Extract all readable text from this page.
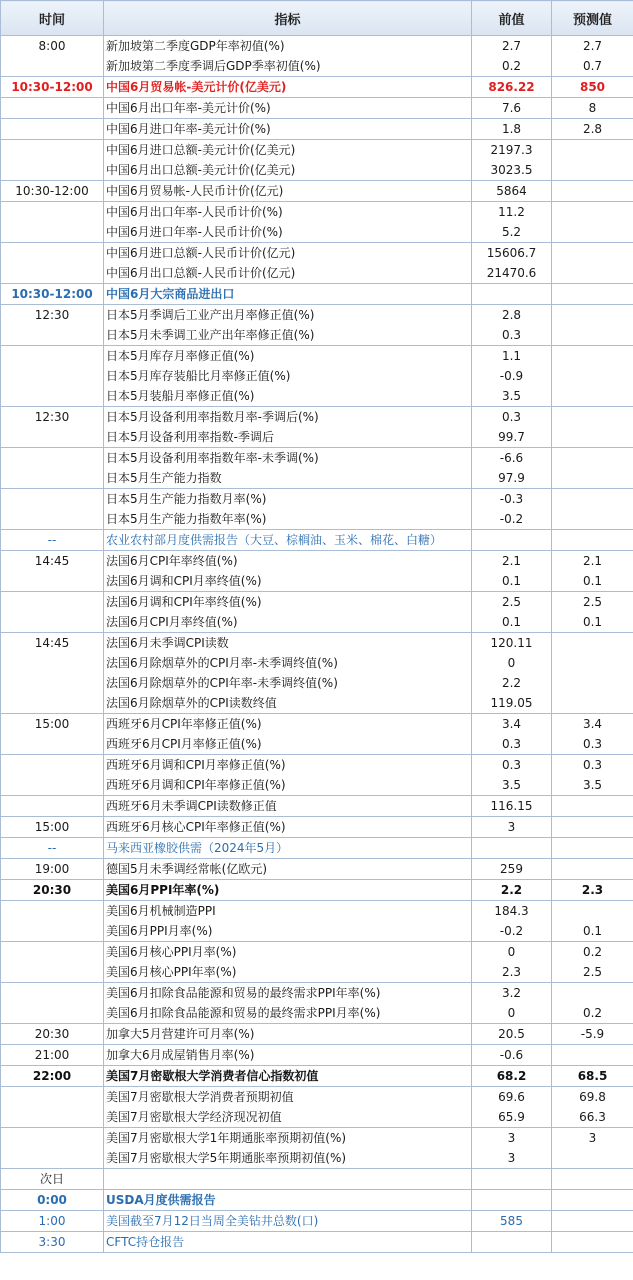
时间	指标	前值	预测值
8:00	新加坡第二季度GDP年率初值(%)	2.7	2.7
	新加坡第二季度季调后GDP季率初值(%)	0.2	0.7
10:30-12:00	中国6月贸易帐-美元计价(亿美元)	826.22	850
	中国6月出口年率-美元计价(%)	7.6	8
	中国6月进口年率-美元计价(%)	1.8	2.8
	中国6月进口总额-美元计价(亿美元)	2197.3	
	中国6月出口总额-美元计价(亿美元)	3023.5	
10:30-12:00	中国6月贸易帐-人民币计价(亿元)	5864	
	中国6月出口年率-人民币计价(%)	11.2	
	中国6月进口年率-人民币计价(%)	5.2	
	中国6月进口总额-人民币计价(亿元)	15606.7	
	中国6月出口总额-人民币计价(亿元)	21470.6	
10:30-12:00	中国6月大宗商品进出口		
12:30	日本5月季调后工业产出月率修正值(%)	2.8	
	日本5月未季调工业产出年率修正值(%)	0.3	
	日本5月库存月率修正值(%)	1.1	
	日本5月库存装船比月率修正值(%)	-0.9	
	日本5月装船月率修正值(%)	3.5	
12:30	日本5月设备利用率指数月率-季调后(%)	0.3	
	日本5月设备利用率指数-季调后	99.7	
	日本5月设备利用率指数年率-未季调(%)	-6.6	
	日本5月生产能力指数	97.9	
	日本5月生产能力指数月率(%)	-0.3	
	日本5月生产能力指数年率(%)	-0.2	
--	农业农村部月度供需报告（大豆、棕榈油、玉米、棉花、白糖）		
14:45	法国6月CPI年率终值(%)	2.1	2.1
	法国6月调和CPI月率终值(%)	0.1	0.1
	法国6月调和CPI年率终值(%)	2.5	2.5
	法国6月CPI月率终值(%)	0.1	0.1
14:45	法国6月未季调CPI读数	120.11	
	法国6月除烟草外的CPI月率-未季调终值(%)	0	
	法国6月除烟草外的CPI年率-未季调终值(%)	2.2	
	法国6月除烟草外的CPI读数终值	119.05	
15:00	西班牙6月CPI年率修正值(%)	3.4	3.4
	西班牙6月CPI月率修正值(%)	0.3	0.3
	西班牙6月调和CPI月率修正值(%)	0.3	0.3
	西班牙6月调和CPI年率修正值(%)	3.5	3.5
	西班牙6月未季调CPI读数修正值	116.15	
15:00	西班牙6月核心CPI年率修正值(%)	3	
--	马来西亚橡胶供需（2024年5月）		
19:00	德国5月未季调经常帐(亿欧元)	259	
20:30	美国6月PPI年率(%)	2.2	2.3
	美国6月机械制造PPI	184.3	
	美国6月PPI月率(%)	-0.2	0.1
	美国6月核心PPI月率(%)	0	0.2
	美国6月核心PPI年率(%)	2.3	2.5
	美国6月扣除食品能源和贸易的最终需求PPI年率(%)	3.2	
	美国6月扣除食品能源和贸易的最终需求PPI月率(%)	0	0.2
20:30	加拿大5月营建许可月率(%)	20.5	-5.9
21:00	加拿大6月成屋销售月率(%)	-0.6	
22:00	美国7月密歇根大学消费者信心指数初值	68.2	68.5
	美国7月密歇根大学消费者预期初值	69.6	69.8
	美国7月密歇根大学经济现况初值	65.9	66.3
	美国7月密歇根大学1年期通胀率预期初值(%)	3	3
	美国7月密歇根大学5年期通胀率预期初值(%)	3	
次日			
0:00	USDA月度供需报告		
1:00	美国截至7月12日当周全美钻井总数(口)	585	
3:30	CFTC持仓报告		
